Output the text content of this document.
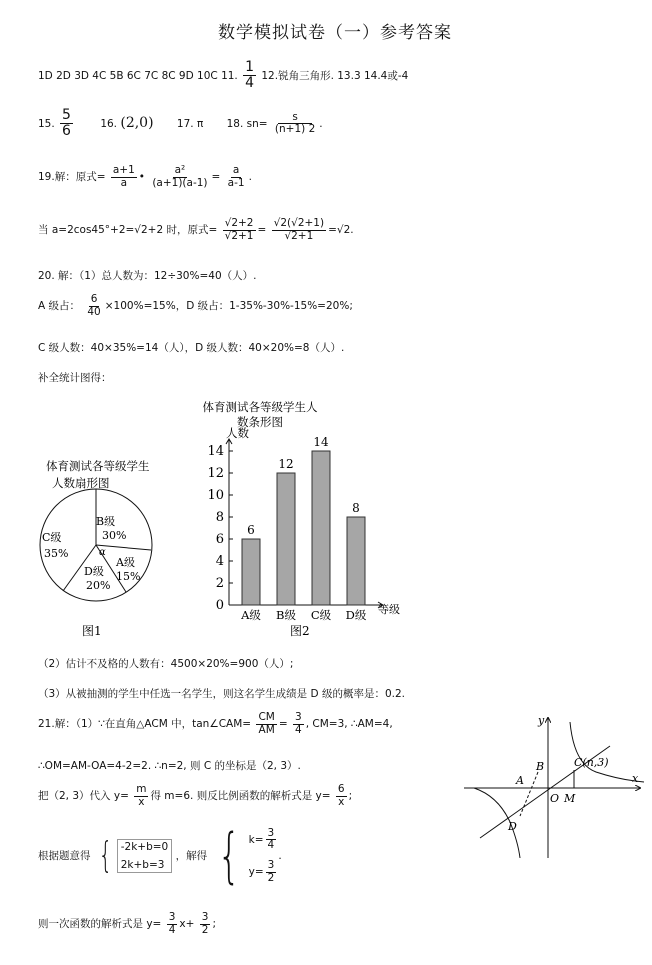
数学模拟试卷（一）参考答案
1D 2D 3D 4C 5B 6C 7C 8C 9D 10C 11. $\frac{1}{4} 12$.锐角三角形. 13.3 14.4或-4
15. $\frac{5}{6}$	16. (2,0) 17. π 18. $sn= \frac{s}{(n+1) 2}$ .
19.解：原式= $\frac{a+1}{a}$ • $\frac{\text{a²}}{(a+1)(a-1)} = \frac{a}{a-1}$ .
当 a=2cos45°+2=√2+2 时，原式= $\frac{√2+2}{√2+1} = \frac{√2(√2+1)}{√2+1} =√2$.
20. 解：（1）总人数为：12÷30%=40（人）.
A 级占： $\frac{6}{40} \times 100\%=15\%$，D 级占：1-35%-30%-15%=20%;
C 级人数：40×35%=14（人），D 级人数：40×20%=8（人）.
补全统计图得：
体育测试各等级学生
人数扇形图
B级
30%
C级
35%
A级
15%
D级
20%
α
图1
体育测试各等级学生人
数条形图
人数
等级
图2
0
2
4
6
8
10
12
14
6
A级
12
B级
14
C级
8
D级
（2）估计不及格的人数有：4500×20%=900（人）;
（3）从被抽测的学生中任选一名学生，则这名学生成绩是 D 级的概率是：0.2.
21.解：（1）∵在直角△ACM 中，tan∠CAM= $\frac{CM}{AM} = \frac{3}{4}$ , CM=3, ∴AM=4,
∴OM=AM-OA=4-2=2. ∴n=2, 则 C 的坐标是（2, 3）.
把（2, 3）代入 $y= \frac{m}{x}$ 得 m=6. 则反比例函数的解析式是 $y= \frac{6}{x}$ ;
根据题意得 { -2k+b=0
2k+b=3
，解得 { $k= \frac{3}{4}$
$y= \frac{3}{2}$
.
则一次函数的解析式是 $y= \frac{3}{4} x+ \frac{3}{2}$ ;
y
x
A
B	C(n,3)
D
O M
